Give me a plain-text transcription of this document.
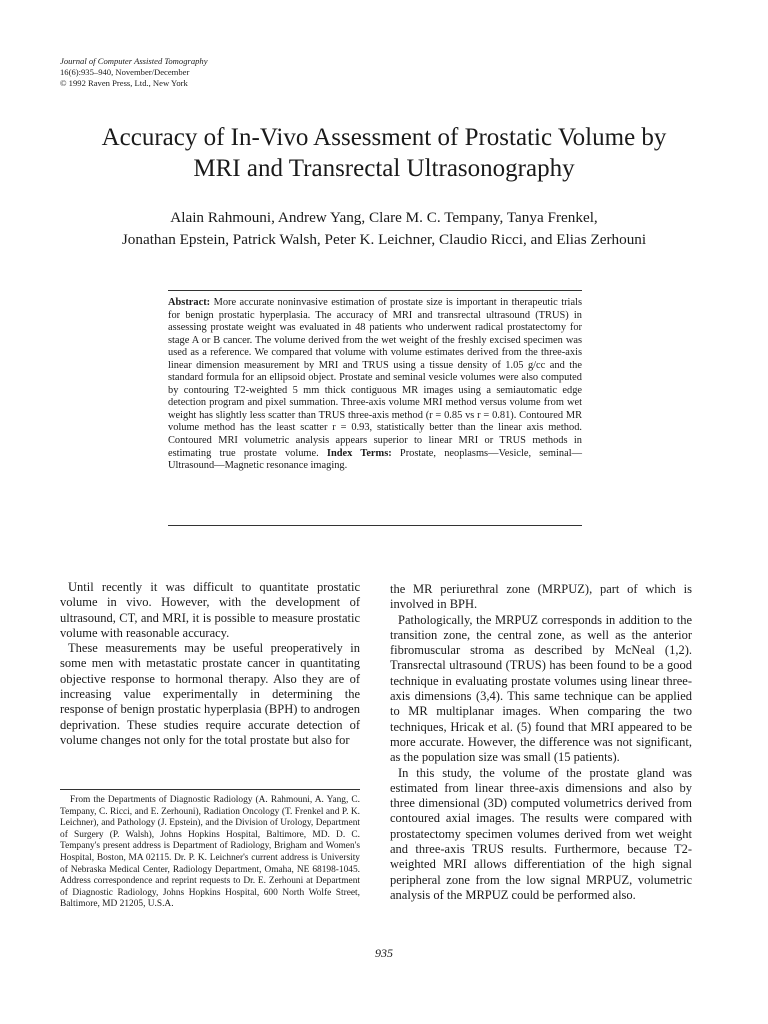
Journal of Computer Assisted Tomography
16(6):935–940, November/December
© 1992 Raven Press, Ltd., New York
Accuracy of In-Vivo Assessment of Prostatic Volume by
MRI and Transrectal Ultrasonography
Alain Rahmouni, Andrew Yang, Clare M. C. Tempany, Tanya Frenkel,
Jonathan Epstein, Patrick Walsh, Peter K. Leichner, Claudio Ricci, and Elias Zerhouni
Abstract: More accurate noninvasive estimation of prostate size is important in therapeutic trials for benign prostatic hyperplasia. The accuracy of MRI and transrectal ultrasound (TRUS) in assessing prostate weight was evaluated in 48 patients who underwent radical prostatectomy for stage A or B cancer. The volume derived from the wet weight of the freshly excised specimen was used as a reference. We compared that volume with volume estimates derived from the three-axis linear dimension measurement by MRI and TRUS using a tissue density of 1.05 g/cc and the standard formula for an ellipsoid object. Prostate and seminal vesicle volumes were also computed by contouring T2-weighted 5 mm thick contiguous MR images using a semiautomatic edge detection program and pixel summation. Three-axis volume MRI method versus volume from wet weight has slightly less scatter than TRUS three-axis method (r = 0.85 vs r = 0.81). Contoured MR volume method has the least scatter r = 0.93, statistically better than the linear axis method. Contoured MRI volumetric analysis appears superior to linear MRI or TRUS methods in estimating true prostate volume. Index Terms: Prostate, neoplasms—Vesicle, seminal—Ultrasound—Magnetic resonance imaging.

Until recently it was difficult to quantitate prostatic volume in vivo. However, with the development of ultrasound, CT, and MRI, it is possible to measure prostatic volume with reasonable accuracy.

These measurements may be useful preoperatively in some men with metastatic prostate cancer in quantitating objective response to hormonal therapy. Also they are of increasing value experimentally in determining the response of benign prostatic hyperplasia (BPH) to androgen deprivation. These studies require accurate detection of volume changes not only for the total prostate but also for

the MR periurethral zone (MRPUZ), part of which is involved in BPH.

Pathologically, the MRPUZ corresponds in addition to the transition zone, the central zone, as well as the anterior fibromuscular stroma as described by McNeal (1,2). Transrectal ultrasound (TRUS) has been found to be a good technique in evaluating prostate volumes using linear three-axis dimensions (3,4). This same technique can be applied to MR multiplanar images. When comparing the two techniques, Hricak et al. (5) found that MRI appeared to be more accurate. However, the difference was not significant, as the population size was small (15 patients).

In this study, the volume of the prostate gland was estimated from linear three-axis dimensions and also by three dimensional (3D) computed volumetrics derived from contoured axial images. The results were compared with prostatectomy specimen volumes derived from wet weight and three-axis TRUS results. Furthermore, because T2-weighted MRI allows differentiation of the high signal peripheral zone from the low signal MRPUZ, volumetric analysis of the MRPUZ could be performed also.

From the Departments of Diagnostic Radiology (A. Rahmouni, A. Yang, C. Tempany, C. Ricci, and E. Zerhouni), Radiation Oncology (T. Frenkel and P. K. Leichner), and Pathology (J. Epstein), and the Division of Urology, Department of Surgery (P. Walsh), Johns Hopkins Hospital, Baltimore, MD. D. C. Tempany's present address is Department of Radiology, Brigham and Women's Hospital, Boston, MA 02115. Dr. P. K. Leichner's current address is University of Nebraska Medical Center, Radiology Department, Omaha, NE 68198-1045. Address correspondence and reprint requests to Dr. E. Zerhouni at Department of Diagnostic Radiology, Johns Hopkins Hospital, 600 North Wolfe Street, Baltimore, MD 21205, U.S.A.

935
